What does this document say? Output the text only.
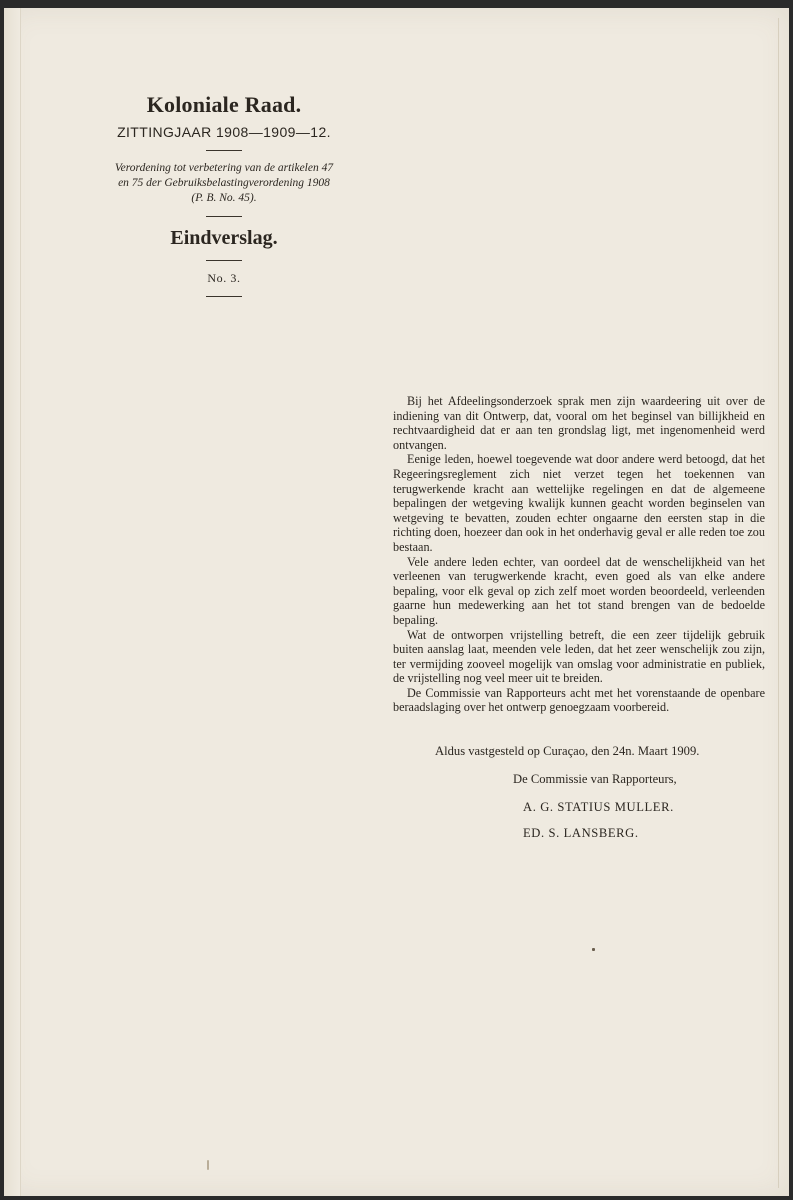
Koloniale Raad.

ZITTINGJAAR 1908—1909—12.

Verordening tot verbetering van de artikelen 47
en 75 der Gebruiksbelastingverordening 1908
(P. B. No. 45).

Eindverslag.

No. 3.

Bij het Afdeelingsonderzoek sprak men zijn waardeering uit over de indiening van dit Ontwerp, dat, vooral om het beginsel van billijkheid en rechtvaardigheid dat er aan ten grondslag ligt, met ingenomenheid werd ontvangen.

Eenige leden, hoewel toegevende wat door andere werd betoogd, dat het Regeeringsreglement zich niet verzet tegen het toekennen van terugwerkende kracht aan wettelijke regelingen en dat de algemeene bepalingen der wetgeving kwalijk kunnen geacht worden beginselen van wetgeving te bevatten, zouden echter ongaarne den eersten stap in die richting doen, hoezeer dan ook in het onderhavig geval er alle reden toe zou bestaan.

Vele andere leden echter, van oordeel dat de wenschelijkheid van het verleenen van terugwerkende kracht, even goed als van elke andere bepaling, voor elk geval op zich zelf moet worden beoordeeld, verleenden gaarne hun medewerking aan het tot stand brengen van de bedoelde bepaling.

Wat de ontworpen vrijstelling betreft, die een zeer tijdelijk gebruik buiten aanslag laat, meenden vele leden, dat het zeer wenschelijk zou zijn, ter vermijding zooveel mogelijk van omslag voor administratie en publiek, de vrijstelling nog veel meer uit te breiden.

De Commissie van Rapporteurs acht met het vorenstaande de openbare beraadslaging over het ontwerp genoegzaam voorbereid.

Aldus vastgesteld op Curaçao, den 24n. Maart 1909.
De Commissie van Rapporteurs,
A. G. STATIUS MULLER.
ED. S. LANSBERG.
